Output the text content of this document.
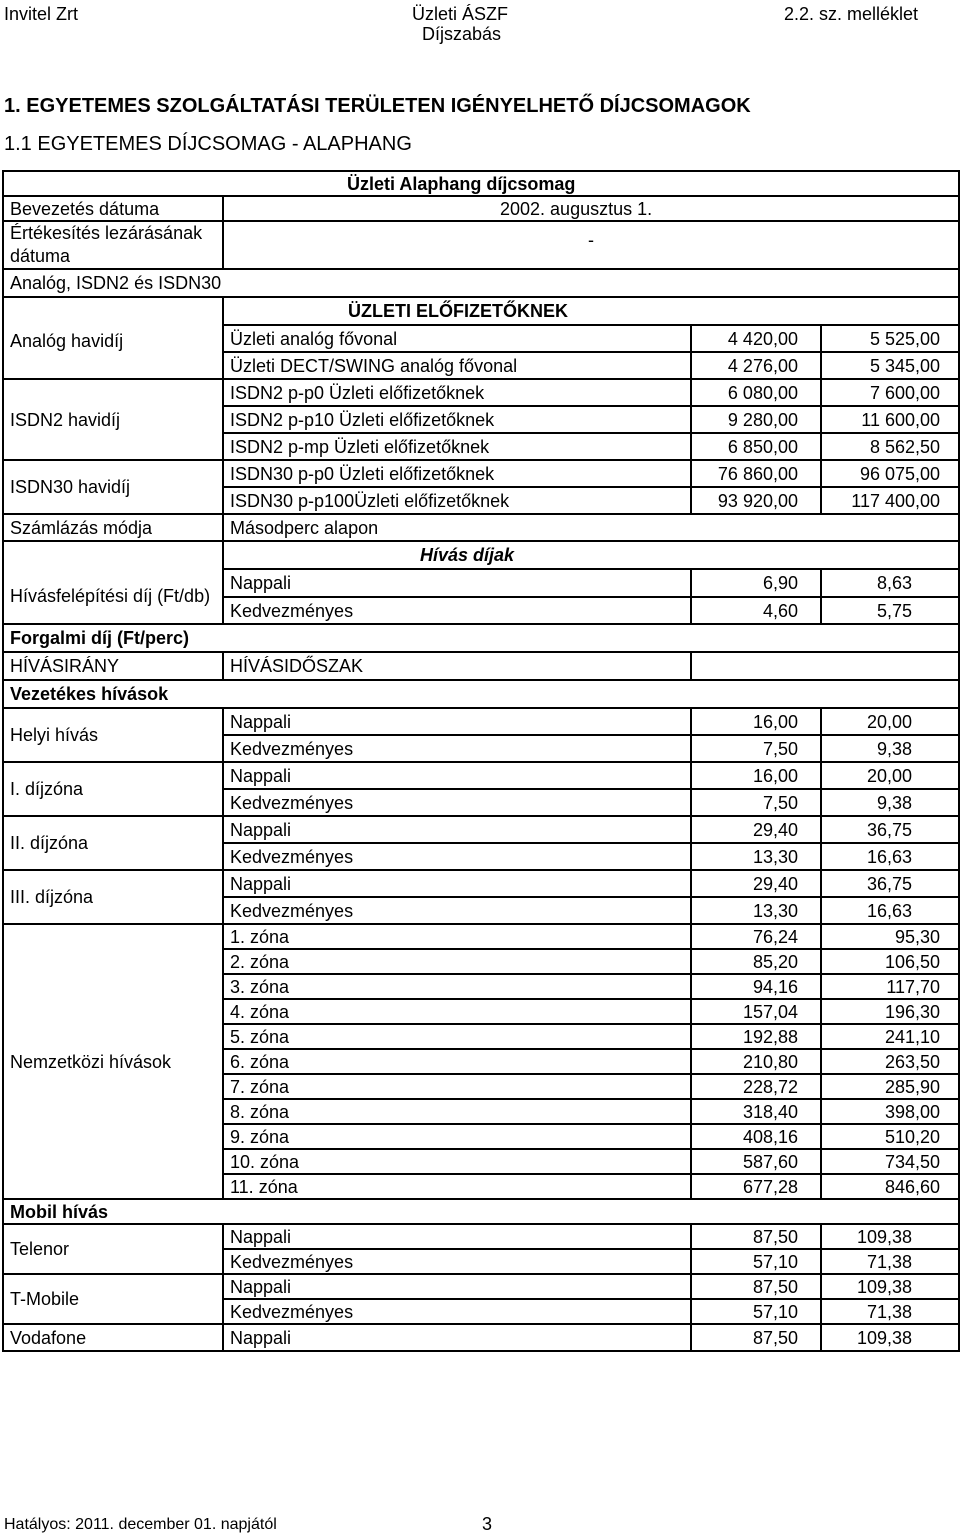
Invitel Zrt	Üzleti ÁSZF
Díjszabás
2.2. sz. melléklet
1. EGYETEMES SZOLGÁLTATÁSI TERÜLETEN IGÉNYELHETŐ DÍJCSOMAGOK
1.1 EGYETEMES DÍJCSOMAG - ALAPHANG
	Üzleti Alaphang díjcsomag		
Bevezetés dátuma	2002. augusztus 1.		
Értékesítés lezárásának dátuma	-		
Analóg, ISDN2 és ISDN30			
	ÜZLETI ELŐFIZETŐKNEK		
Analóg havidíj	Üzleti analóg fővonal	4 420,00	5 525,00
	Üzleti DECT/SWING analóg fővonal	4 276,00	5 345,00
ISDN2 havidíj	ISDN2 p-p0 Üzleti előfizetőknek	6 080,00	7 600,00
	ISDN2 p-p10 Üzleti előfizetőknek	9 280,00	11 600,00
	ISDN2 p-mp Üzleti előfizetőknek	6 850,00	8 562,50
ISDN30 havidíj	ISDN30 p-p0 Üzleti előfizetőknek	76 860,00	96 075,00
	ISDN30 p-p100Üzleti előfizetőknek	93 920,00	117 400,00
Számlázás módja	Másodperc alapon		
	Hívás díjak		
Hívásfelépítési díj (Ft/db)	Nappali	6,90	8,63
	Kedvezményes	4,60	5,75
Forgalmi díj (Ft/perc)			
HÍVÁSIRÁNY	HÍVÁSIDŐSZAK		
Vezetékes hívások			
Helyi hívás	Nappali	16,00	20,00
	Kedvezményes	7,50	9,38
I. díjzóna	Nappali	16,00	20,00
	Kedvezményes	7,50	9,38
II. díjzóna	Nappali	29,40	36,75
	Kedvezményes	13,30	16,63
III. díjzóna	Nappali	29,40	36,75
	Kedvezményes	13,30	16,63
Nemzetközi hívások	1. zóna	76,24	95,30
	2. zóna	85,20	106,50
	3. zóna	94,16	117,70
	4. zóna	157,04	196,30
	5. zóna	192,88	241,10
	6. zóna	210,80	263,50
	7. zóna	228,72	285,90
	8. zóna	318,40	398,00
	9. zóna	408,16	510,20
	10. zóna	587,60	734,50
	11. zóna	677,28	846,60
Mobil hívás			
Telenor	Nappali	87,50	109,38
	Kedvezményes	57,10	71,38
T-Mobile	Nappali	87,50	109,38
	Kedvezményes	57,10	71,38
Vodafone	Nappali	87,50	109,38
Hatályos: 2011. december 01. napjától	3
